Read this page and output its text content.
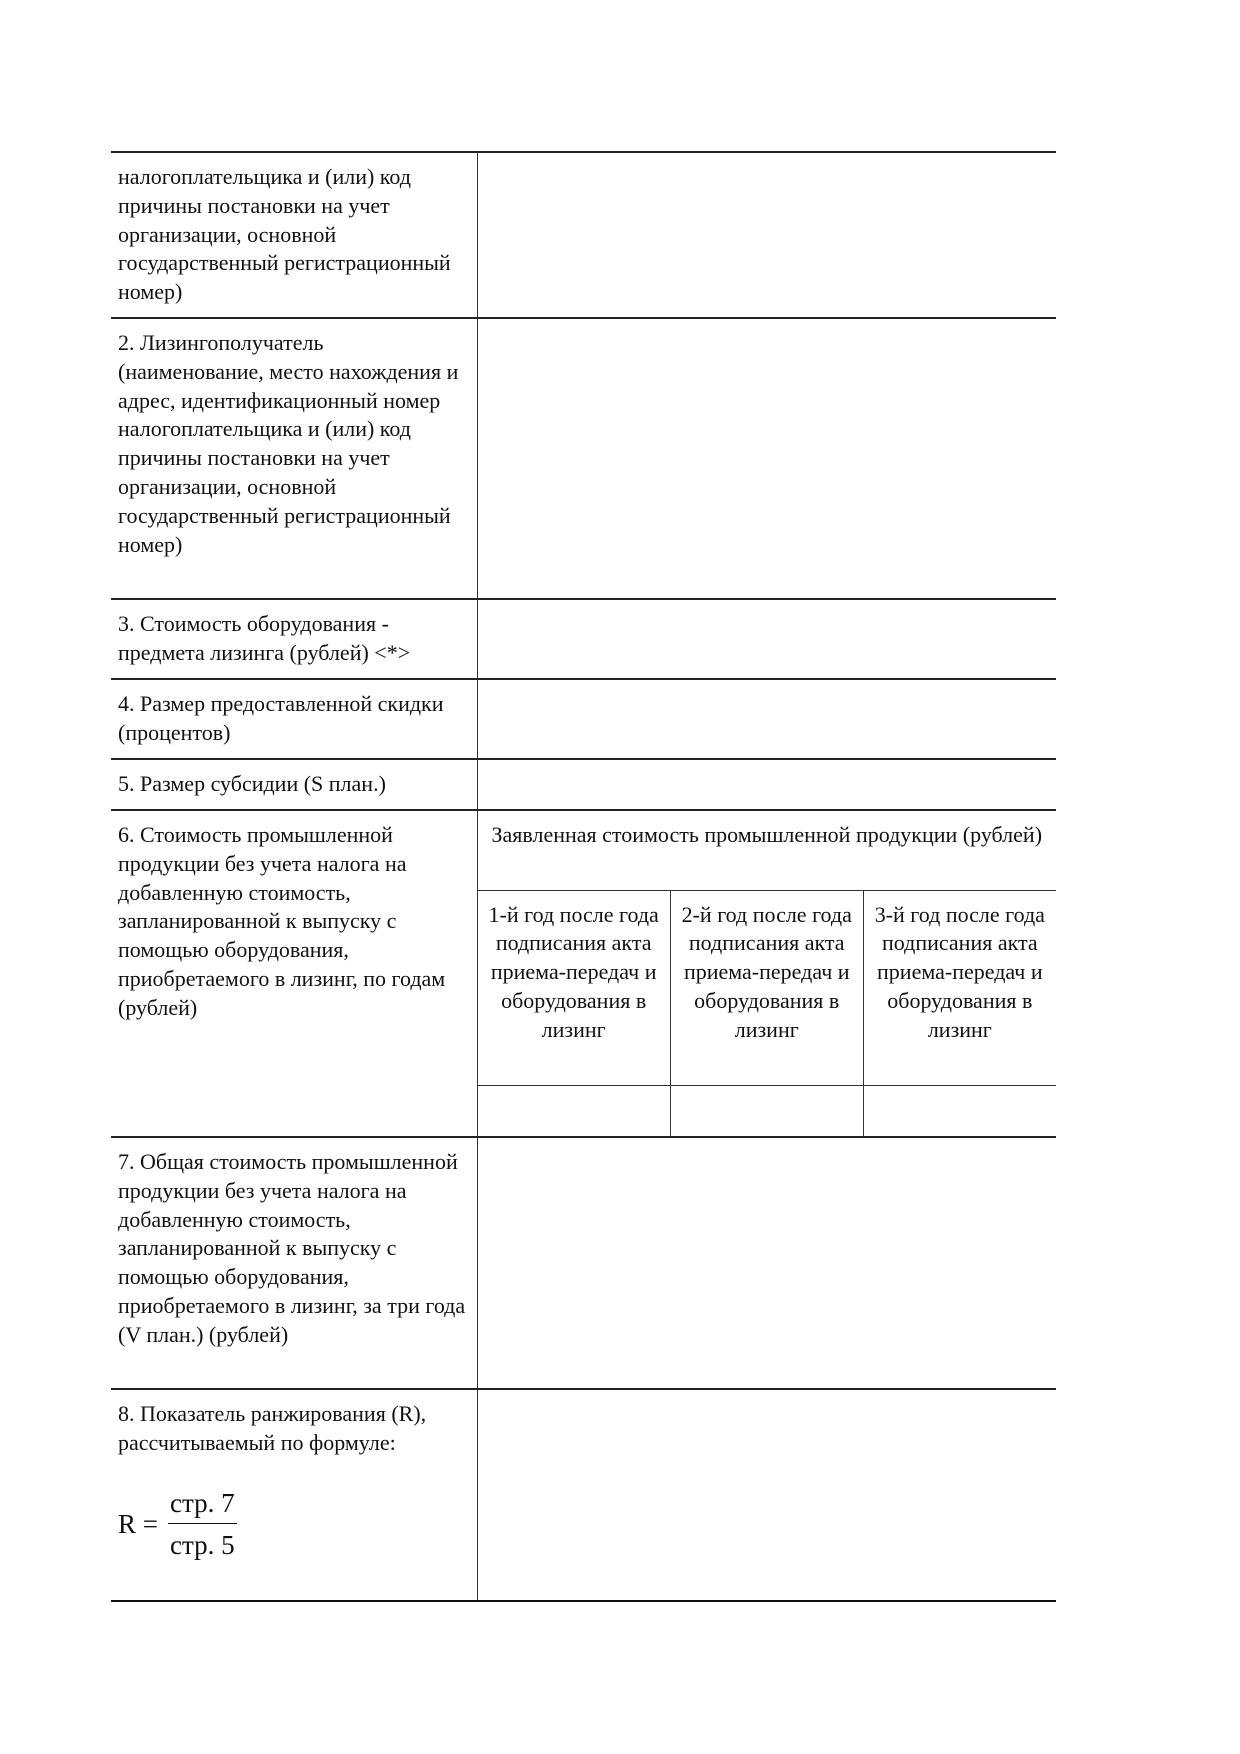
налогоплательщика и (или) код причины постановки на учет организации, основной государственный регистрационный номер)	
2. Лизингополучатель (наименование, место нахождения и адрес, идентификационный номер налогоплательщика и (или) код причины постановки на учет организации, основной государственный регистрационный номер)	
3. Стоимость оборудования - предмета лизинга (рублей) <*>	
4. Размер предоставленной скидки (процентов)	
5. Размер субсидии (S план.)	
6. Стоимость промышленной продукции без учета налога на добавленную стоимость, запланированной к выпуску с помощью оборудования, приобретаемого в лизинг, по годам (рублей)	
Заявленная стоимость промышленной продукции (рублей)
1-й год после года подписания акта приема-передач и оборудования в лизинг	2-й год после года подписания акта приема-передач и оборудования в лизинг	3-й год после года подписания акта приема-передач и оборудования в лизинг

7. Общая стоимость промышленной продукции без учета налога на добавленную стоимость, запланированной к выпуску с помощью оборудования, приобретаемого в лизинг, за три года (V план.) (рублей)	

8. Показатель ранжирования (R), рассчитываемый по формуле:
R =
стр. 7
стр. 5
